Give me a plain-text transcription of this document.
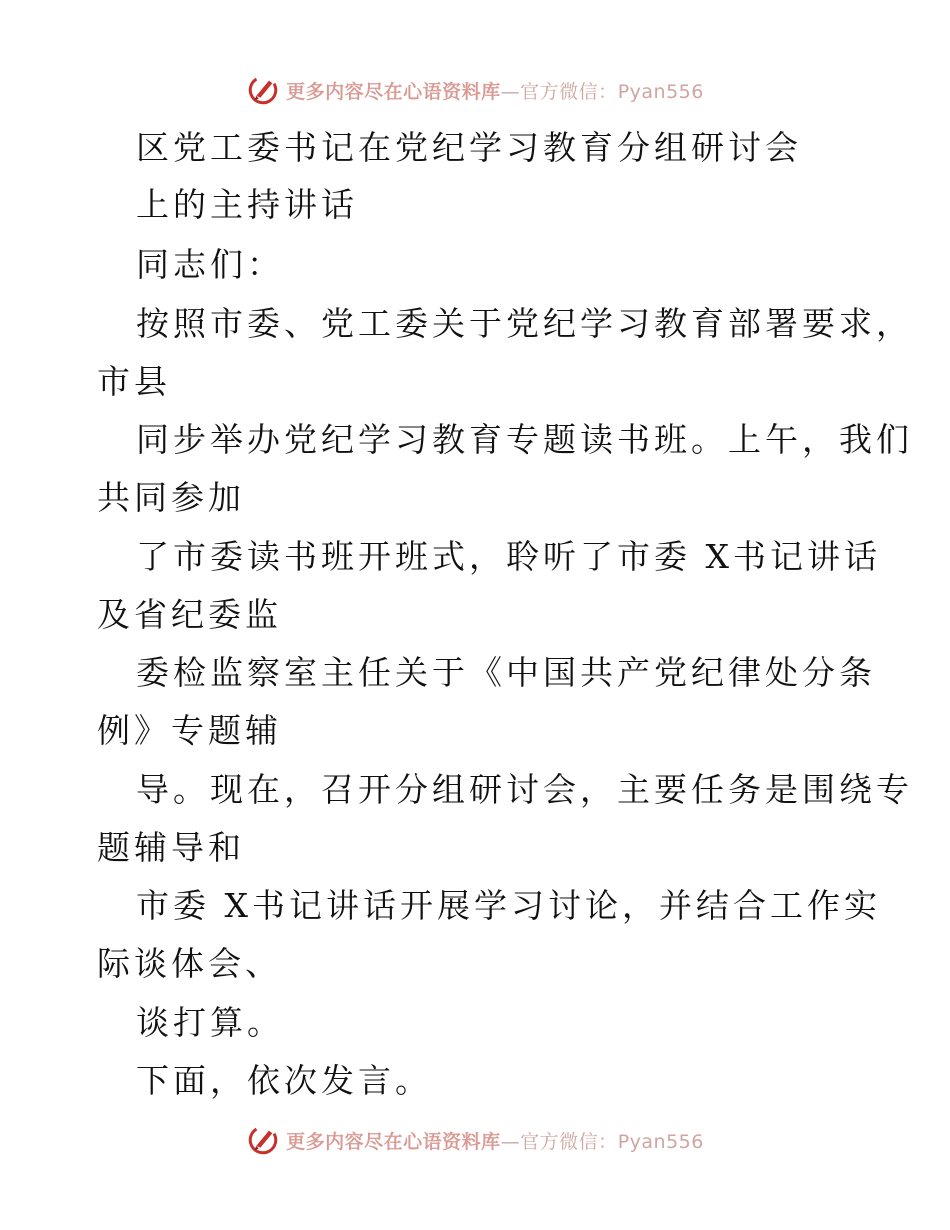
更多内容尽在心语资料库—官方微信：Pyan556
区党工委书记在党纪学习教育分组研讨会
上的主持讲话
同志们：
按照市委、党工委关于党纪学习教育部署要求，
市县
同步举办党纪学习教育专题读书班。上午，我们
共同参加
了市委读书班开班式，聆听了市委 X书记讲话
及省纪委监
委检监察室主任关于《中国共产党纪律处分条
例》专题辅
导。现在，召开分组研讨会，主要任务是围绕专
题辅导和
市委 X书记讲话开展学习讨论，并结合工作实
际谈体会、
谈打算。
下面，依次发言。
更多内容尽在心语资料库—官方微信：Pyan556
